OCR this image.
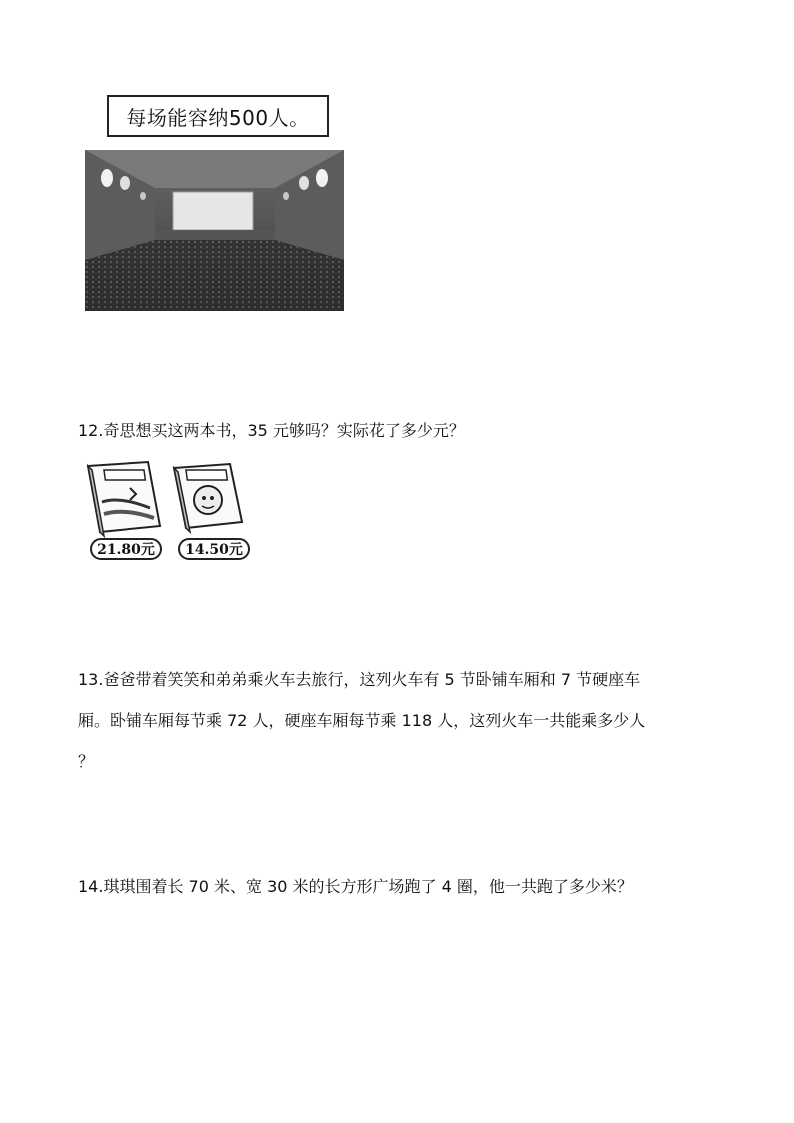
每场能容纳500人。
12.奇思想买这两本书，35 元够吗？实际花了多少元？
21.80元	14.50元
13.爸爸带着笑笑和弟弟乘火车去旅行，这列火车有 5 节卧铺车厢和 7 节硬座车
厢。卧铺车厢每节乘 72 人，硬座车厢每节乘 118 人，这列火车一共能乘多少人
？
14.琪琪围着长 70 米、宽 30 米的长方形广场跑了 4 圈，他一共跑了多少米？
